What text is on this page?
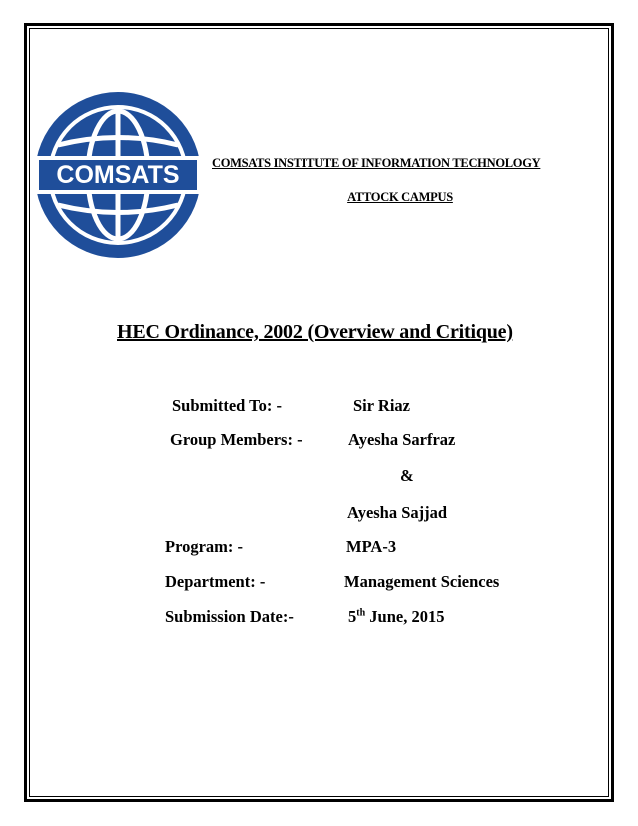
COMSATS	COMSATS INSTITUTE OF INFORMATION TECHNOLOGY
ATTOCK CAMPUS
HEC Ordinance, 2002 (Overview and Critique)
Submitted To: -	Sir Riaz
Group Members: -	Ayesha Sarfraz
&
Ayesha Sajjad
Program: -	MPA-3
Department: -	Management Sciences
Submission Date:-	5th June, 2015
